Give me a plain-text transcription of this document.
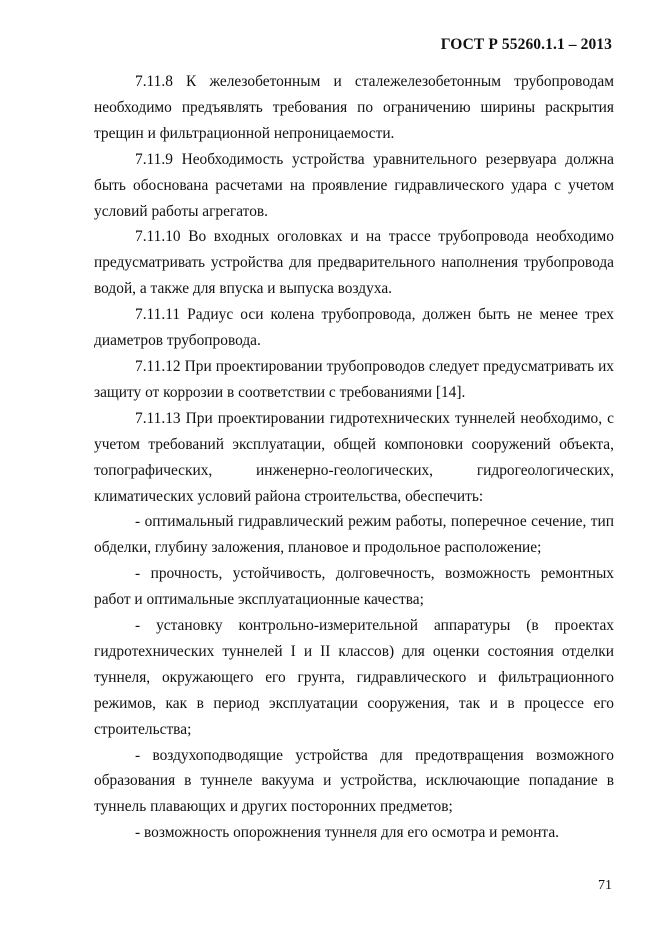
ГОСТ Р 55260.1.1 – 2013

7.11.8 К железобетонным и сталежелезобетонным трубопроводам необходимо предъявлять требования по ограничению ширины раскрытия трещин и фильтрационной непроницаемости.

7.11.9 Необходимость устройства уравнительного резервуара должна быть обоснована расчетами на проявление гидравлического удара с учетом условий работы агрегатов.

7.11.10 Во входных оголовках и на трассе трубопровода необходимо предусматривать устройства для предварительного наполнения трубопровода водой, а также для впуска и выпуска воздуха.

7.11.11 Радиус оси колена трубопровода, должен быть не менее трех диаметров трубопровода.

7.11.12 При проектировании трубопроводов следует предусматривать их защиту от коррозии в соответствии с требованиями [14].

7.11.13 При проектировании гидротехнических туннелей необходимо, с учетом требований эксплуатации, общей компоновки сооружений объекта, топографических, инженерно-геологических, гидрогеологических, климатических условий района строительства, обеспечить:

- оптимальный гидравлический режим работы, поперечное сечение, тип обделки, глубину заложения, плановое и продольное расположение;

- прочность, устойчивость, долговечность, возможность ремонтных работ и оптимальные эксплуатационные качества;

- установку контрольно-измерительной аппаратуры (в проектах гидротехнических туннелей I и II классов) для оценки состояния отделки туннеля, окружающего его грунта, гидравлического и фильтрационного режимов, как в период эксплуатации сооружения, так и в процессе его строительства;

- воздухоподводящие устройства для предотвращения возможного образования в туннеле вакуума и устройства, исключающие попадание в туннель плавающих и других посторонних предметов;

- возможность опорожнения туннеля для его осмотра и ремонта.

71
